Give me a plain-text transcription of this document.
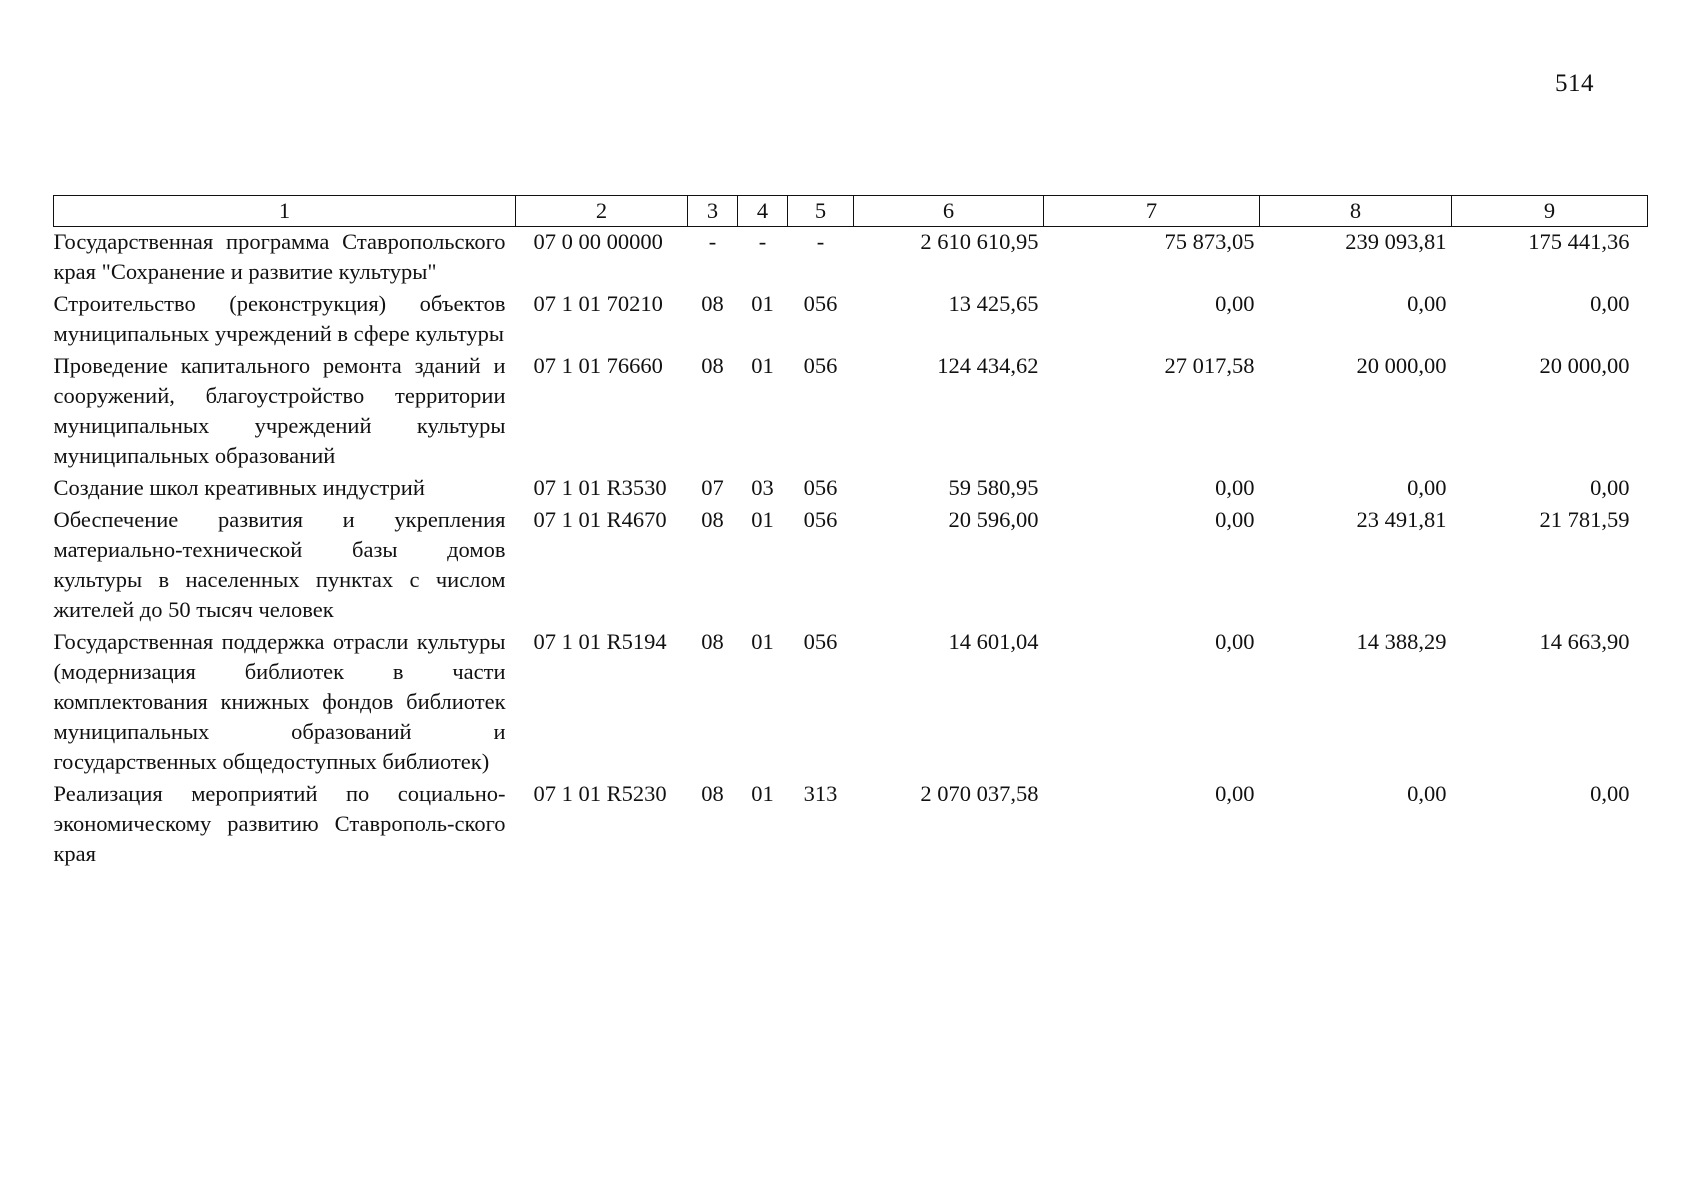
514
1	2	3	4	5	6	7	8	9
Государственная программа Ставропольского края "Сохранение и развитие культуры"	07 0 00 00000	-	-	-	2 610 610,95	75 873,05	239 093,81	175 441,36
Строительство (реконструкция) объектов муниципальных учреждений в сфере культуры	07 1 01 70210	08	01	056	13 425,65	0,00	0,00	0,00
Проведение капитального ремонта зданий и сооружений, благоустройство территории муниципальных учреждений культуры муниципальных образований	07 1 01 76660	08	01	056	124 434,62	27 017,58	20 000,00	20 000,00
Создание школ креативных индустрий	07 1 01 R3530	07	03	056	59 580,95	0,00	0,00	0,00
Обеспечение развития и укрепления материально-технической базы домов культуры в населенных пунктах с числом жителей до 50 тысяч человек	07 1 01 R4670	08	01	056	20 596,00	0,00	23 491,81	21 781,59
Государственная поддержка отрасли культуры (модернизация библиотек в части комплектования книжных фондов библиотек муниципальных образований и государственных общедоступных библиотек)	07 1 01 R5194	08	01	056	14 601,04	0,00	14 388,29	14 663,90
Реализация мероприятий по социально-экономическому развитию Ставрополь-ского края	07 1 01 R5230	08	01	313	2 070 037,58	0,00	0,00	0,00
